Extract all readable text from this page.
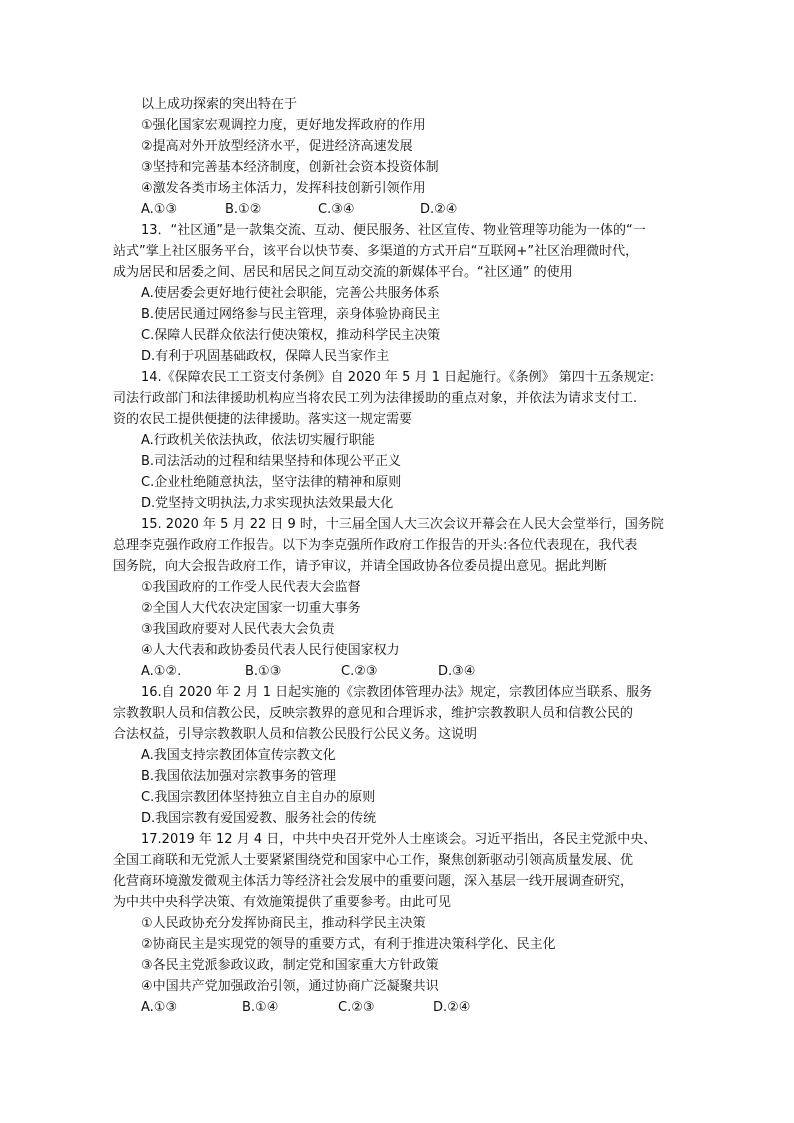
以上成功探索的突出特在于
①强化国家宏观调控力度，更好地发挥政府的作用
②提高对外开放型经济水平，促进经济高速发展
③坚持和完善基本经济制度，创新社会资本投资体制
④激发各类市场主体活力，发挥科技创新引领作用
A.①③	B.①②	C.③④	D.②④
13．“社区通”是一款集交流、互动、便民服务、社区宣传、物业管理等功能为一体的“一
站式”掌上社区服务平台，该平台以快节奏、多渠道的方式开启“互联网+”社区治理微时代，
成为居民和居委之间、居民和居民之间互动交流的新媒体平台。“社区通” 的使用
A.使居委会更好地行使社会职能，完善公共服务体系
B.使居民通过网络参与民主管理，亲身体验协商民主
C.保障人民群众依法行使决策权，推动科学民主决策
D.有利于巩固基础政权，保障人民当家作主
14.《保障农民工工资支付条例》自 2020 年 5 月 1 日起施行。《条例》 第四十五条规定:
司法行政部门和法律援助机构应当将农民工列为法律援助的重点对象，并依法为请求支付工.
资的农民工提供便捷的法律援助。落实这一规定需要
A.行政机关依法执政，依法切实履行职能
B.司法活动的过程和结果坚持和体现公平正义
C.企业杜绝随意执法，坚守法律的精神和原则
D.党坚持文明执法,力求实现执法效果最大化
15. 2020 年 5 月 22 日 9 时，十三届全国人大三次会议开幕会在人民大会堂举行，国务院
总理李克强作政府工作报告。以下为李克强所作政府工作报告的开头:各位代表现在，我代表
国务院，向大会报告政府工作，请予审议，并请全国政协各位委员提出意见。据此判断
①我国政府的工作受人民代表大会监督
②全国人大代农决定国家一切重大事务
③我国政府要对人民代表大会负责
④人大代表和政协委员代表人民行使国家权力
A.①②.	B.①③	C.②③	D.③④
16.自 2020 年 2 月 1 日起实施的《宗教团体管理办法》规定，宗教团体应当联系、服务
宗教教职人员和信教公民，反映宗教界的意见和合理诉求，维护宗教教职人员和信教公民的
合法权益，引导宗教教职人员和信教公民股行公民义务。这说明
A.我国支持宗教团体宣传宗教文化
B.我国依法加强对宗教事务的管理
C.我国宗教团体坚持独立自主自办的原则
D.我国宗教有爱国爱教、服务社会的传统
17.2019 年 12 月 4 日，中共中央召开党外人士座谈会。习近平指出，各民主党派中央、
全国工商联和无党派人士要紧紧围绕党和国家中心工作，聚焦创新驱动引领高质量发展、优
化营商环境激发微观主体活力等经济社会发展中的重要问题，深入基层一线开展调查研究，
为中共中央科学决策、有效施策提供了重要参考。由此可见
①人民政协充分发挥协商民主，推动科学民主决策
②协商民主是实现党的领导的重要方式，有利于推进决策科学化、民主化
③各民主党派参政议政，制定党和国家重大方针政策
④中国共产党加强政治引领，通过协商广泛凝聚共识
A.①③	B.①④	C.②③	D.②④
